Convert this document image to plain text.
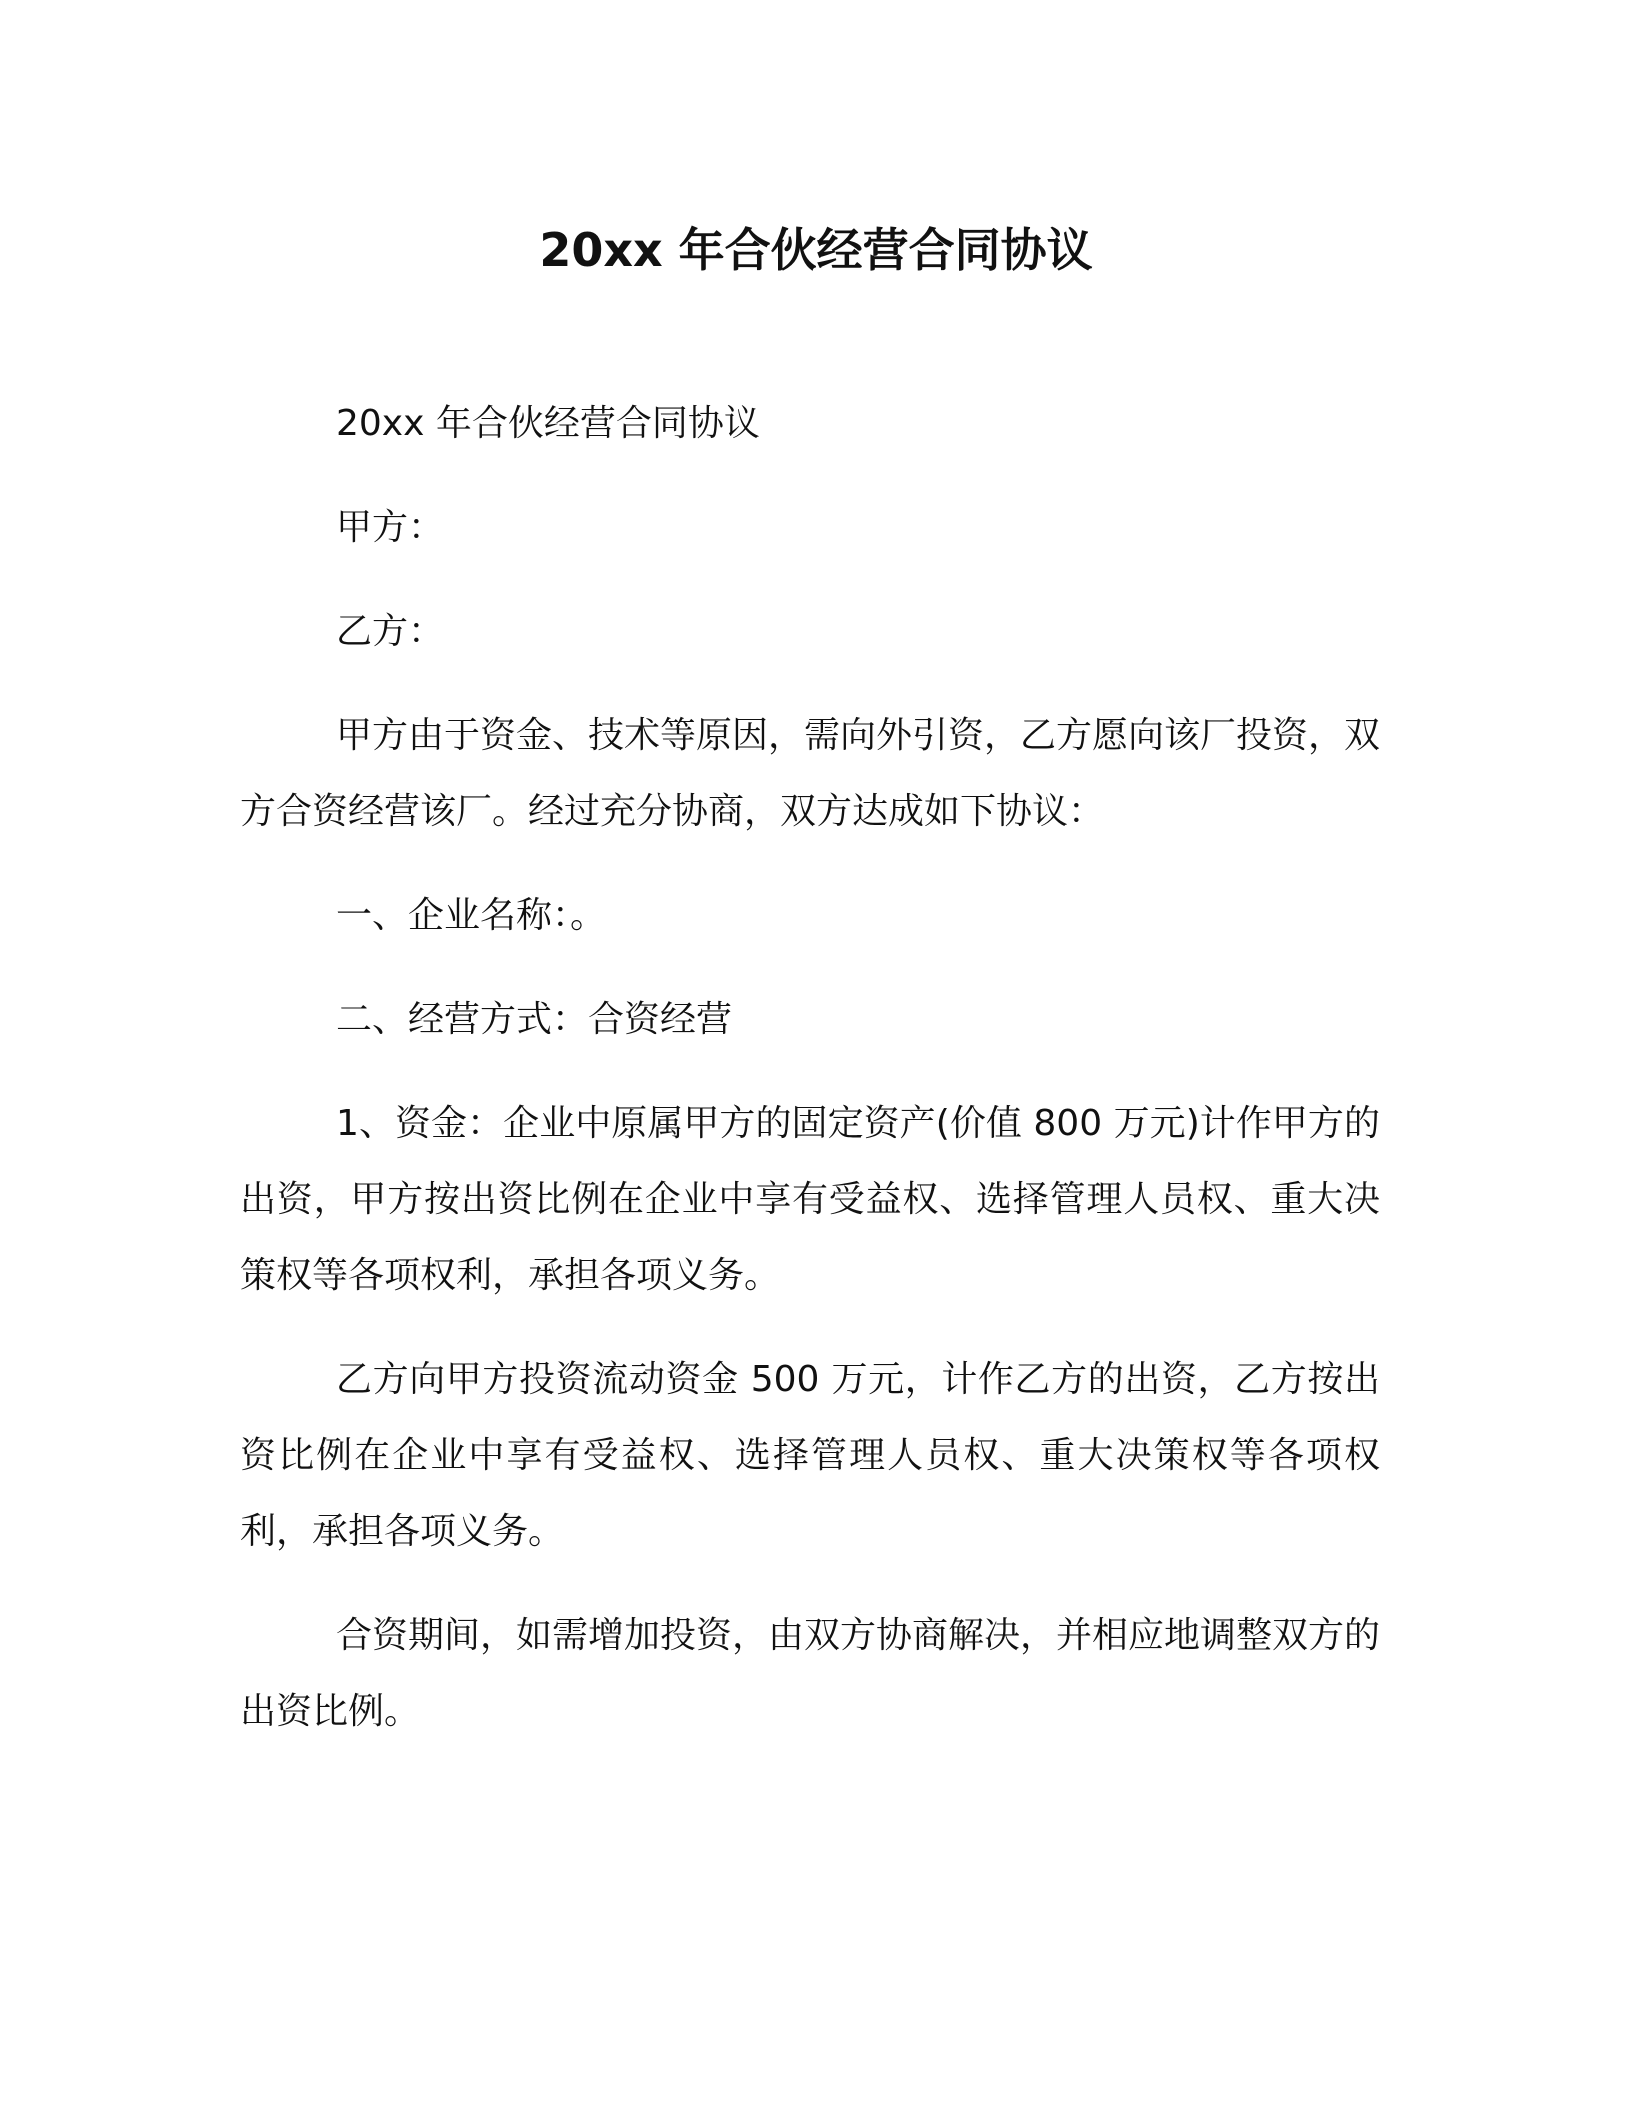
20xx 年合伙经营合同协议

20xx 年合伙经营合同协议

甲方：

乙方：

甲方由于资金、技术等原因，需向外引资，乙方愿向该厂投资，双方合资经营该厂。经过充分协商，双方达成如下协议：

一、企业名称：。

二、经营方式：合资经营

1、资金：企业中原属甲方的固定资产(价值 800 万元)计作甲方的出资，甲方按出资比例在企业中享有受益权、选择管理人员权、重大决策权等各项权利，承担各项义务。

乙方向甲方投资流动资金 500 万元，计作乙方的出资，乙方按出资比例在企业中享有受益权、选择管理人员权、重大决策权等各项权利，承担各项义务。

合资期间，如需增加投资，由双方协商解决，并相应地调整双方的出资比例。
